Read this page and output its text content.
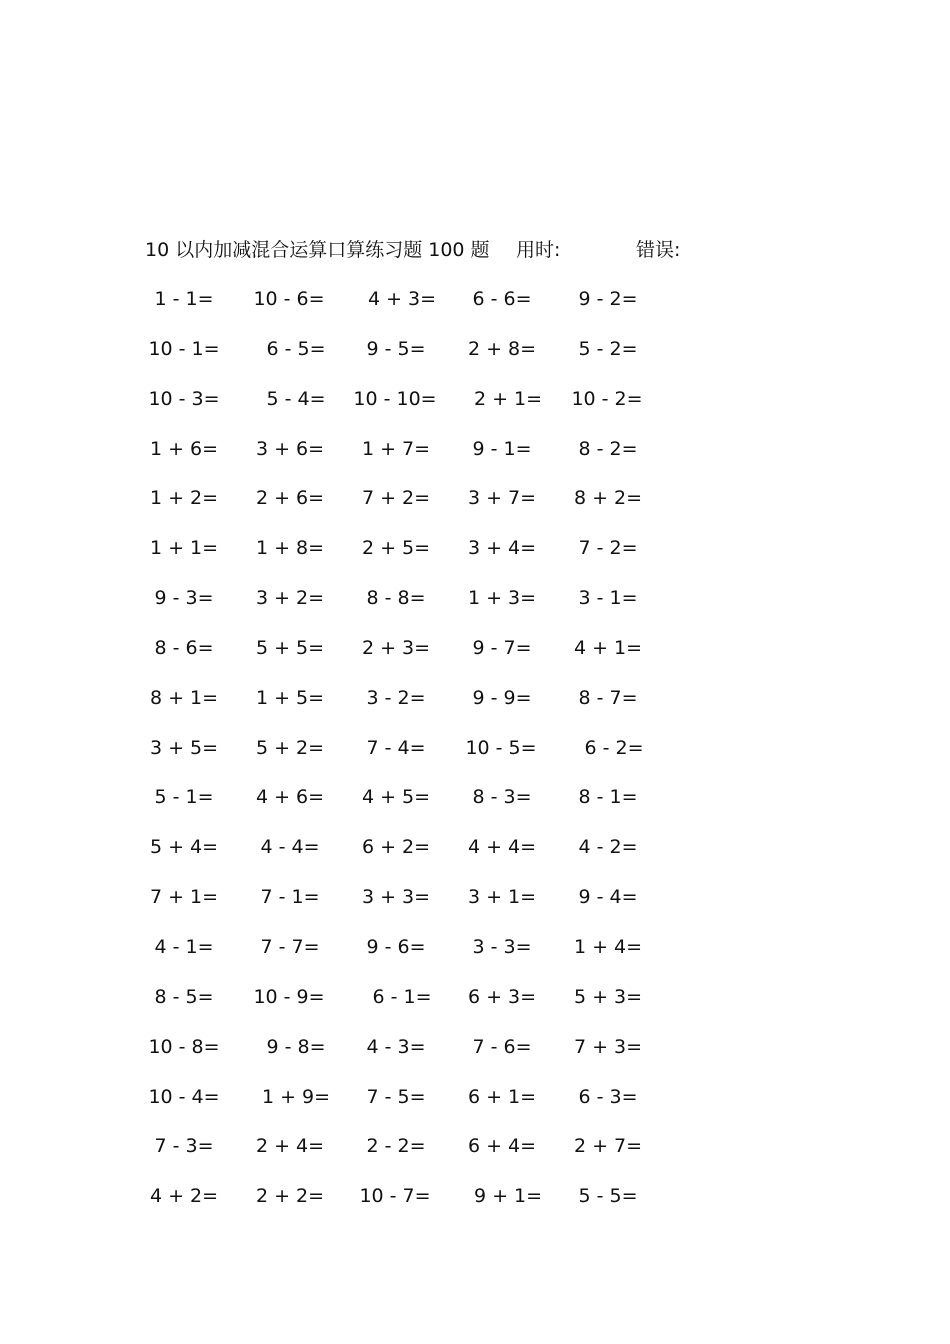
10 以内加减混合运算口算练习题 100 题 用时:	错误:
1 - 1=	10 - 6=	4 + 3=	6 - 6=	9 - 2=
10 - 1=	6 - 5=	9 - 5=	2 + 8=	5 - 2=
10 - 3=	5 - 4=	10 - 10=	2 + 1=	10 - 2=
1 + 6=	3 + 6=	1 + 7=	9 - 1=	8 - 2=
1 + 2=	2 + 6=	7 + 2=	3 + 7=	8 + 2=
1 + 1=	1 + 8=	2 + 5=	3 + 4=	7 - 2=
9 - 3=	3 + 2=	8 - 8=	1 + 3=	3 - 1=
8 - 6=	5 + 5=	2 + 3=	9 - 7=	4 + 1=
8 + 1=	1 + 5=	3 - 2=	9 - 9=	8 - 7=
3 + 5=	5 + 2=	7 - 4=	10 - 5=	6 - 2=
5 - 1=	4 + 6=	4 + 5=	8 - 3=	8 - 1=
5 + 4=	4 - 4=	6 + 2=	4 + 4=	4 - 2=
7 + 1=	7 - 1=	3 + 3=	3 + 1=	9 - 4=
4 - 1=	7 - 7=	9 - 6=	3 - 3=	1 + 4=
8 - 5=	10 - 9=	6 - 1=	6 + 3=	5 + 3=
10 - 8=	9 - 8=	4 - 3=	7 - 6=	7 + 3=
10 - 4=	1 + 9=	7 - 5=	6 + 1=	6 - 3=
7 - 3=	2 + 4=	2 - 2=	6 + 4=	2 + 7=
4 + 2=	2 + 2=	10 - 7=	9 + 1=	5 - 5=
